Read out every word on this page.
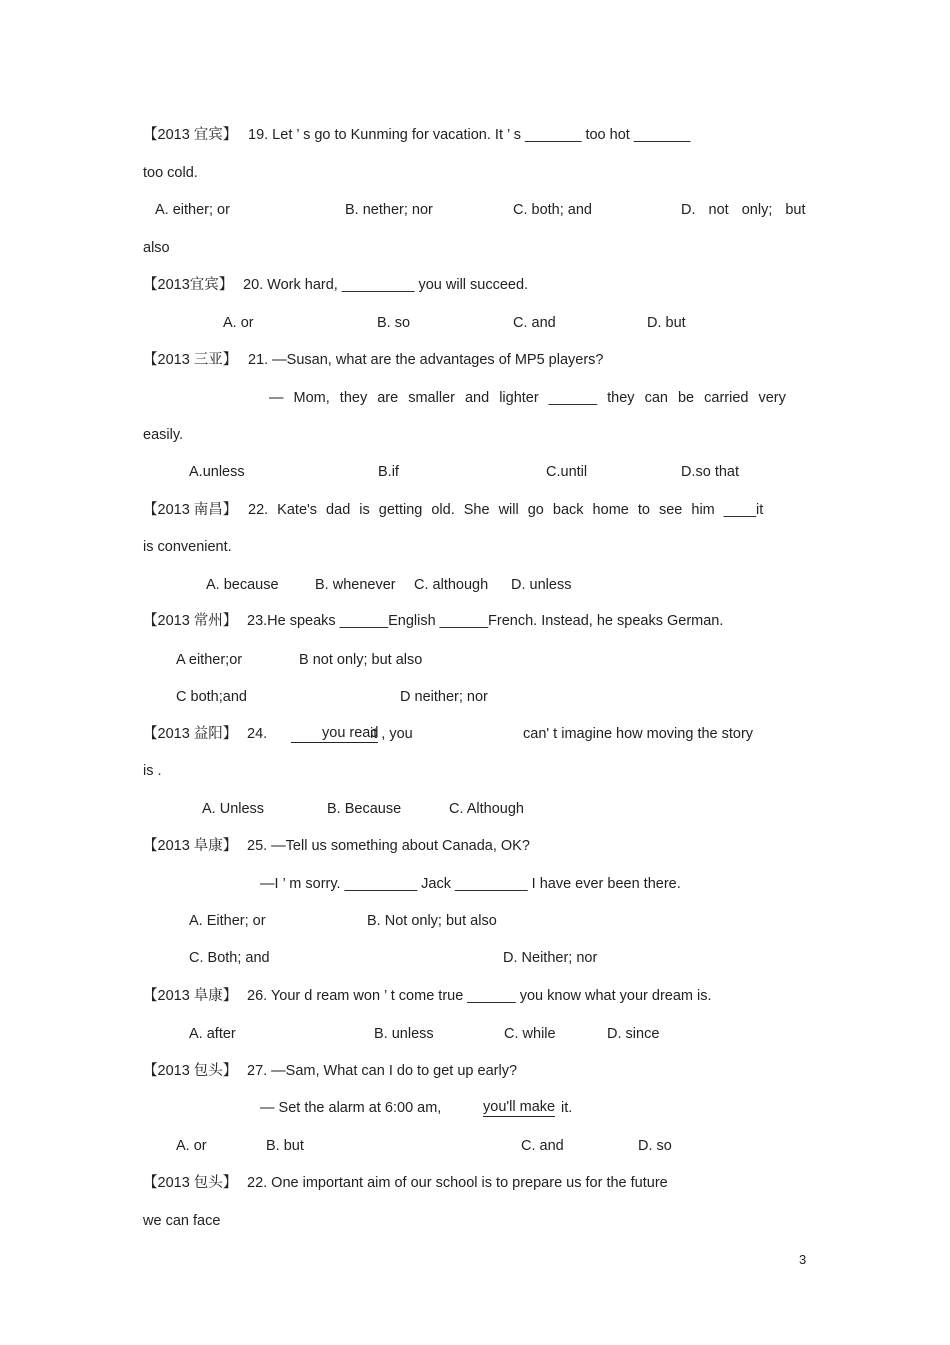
【2013 宜宾】 19. Let ’ s go to Kunming for vacation. It ’ s _______ too hot _______
too cold.
A. either; or	B. nether; nor	C. both; and	D. not only; but
also
【2013宜宾】 20. Work hard, _________ you will succeed.
A. or	B. so	C. and	D. but
【2013 三亚】 21. —Susan, what are the advantages of MP5 players?
— Mom, they are smaller and lighter ______ they can be carried very
easily.
A.unless	B.if	C.until	D.so that
【2013 南昌】 22. Kate's dad is getting old. She will go back home to see him ____it
is convenient.
A. because	B. whenever C. although D. unless
【2013 常州】 23.He speaks ______English ______French. Instead, he speaks German.
A either;or	B not only; but also
C both;and	D neither; nor
【2013 益阳】 24.	you read
it , you	can' t imagine how moving the story
is .
A. Unless	B. Because	C. Although
【2013 阜康】 25. —Tell us something about Canada, OK?
—I ’ m sorry. _________ Jack _________ I have ever been there.
A. Either; or	B. Not only; but also
C. Both; and	D. Neither; nor
【2013 阜康】 26. Your d ream won ’ t come true ______ you know what your dream is.
A. after	B. unless	C. while	D. since
【2013 包头】 27. —Sam, What can I do to get up early?
— Set the alarm at 6:00 am,	you'll make it.
A. or	B. but	C. and	D. so
【2013 包头】 22. One important aim of our school is to prepare us for the future
we can face
3
